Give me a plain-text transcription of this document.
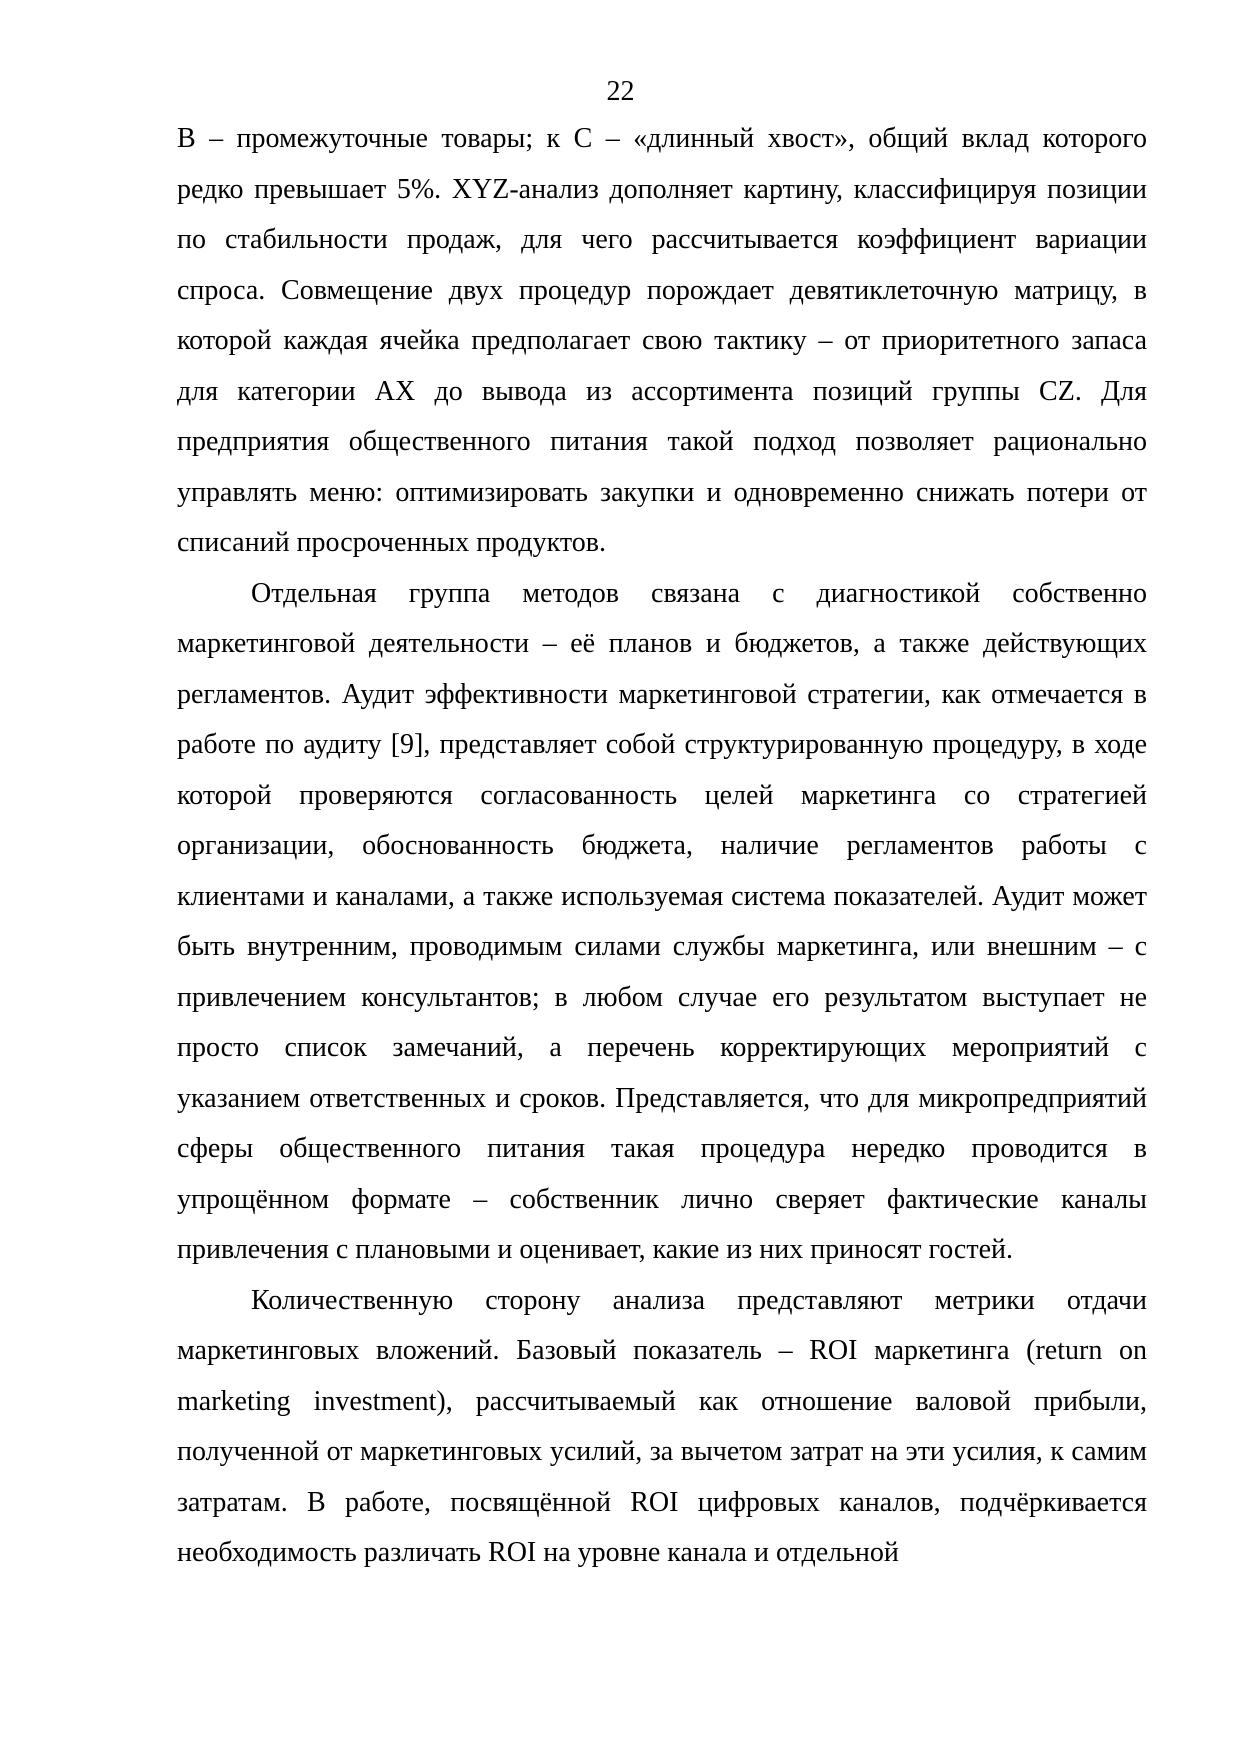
22

В – промежуточные товары; к C – «длинный хвост», общий вклад которого редко превышает 5%. XYZ-анализ дополняет картину, классифицируя позиции по стабильности продаж, для чего рассчитывается коэффициент вариации спроса. Совмещение двух процедур порождает девятиклеточную матрицу, в которой каждая ячейка предполагает свою тактику – от приоритетного запаса для категории AX до вывода из ассортимента позиций группы CZ. Для предприятия общественного питания такой подход позволяет рационально управлять меню: оптимизировать закупки и одновременно снижать потери от списаний просроченных продуктов.

Отдельная группа методов связана с диагностикой собственно маркетинговой деятельности – её планов и бюджетов, а также действующих регламентов. Аудит эффективности маркетинговой стратегии, как отмечается в работе по аудиту [9], представляет собой структурированную процедуру, в ходе которой проверяются согласованность целей маркетинга со стратегией организации, обоснованность бюджета, наличие регламентов работы с клиентами и каналами, а также используемая система показателей. Аудит может быть внутренним, проводимым силами службы маркетинга, или внешним – с привлечением консультантов; в любом случае его результатом выступает не просто список замечаний, а перечень корректирующих мероприятий с указанием ответственных и сроков. Представляется, что для микропредприятий сферы общественного питания такая процедура нередко проводится в упрощённом формате – собственник лично сверяет фактические каналы привлечения с плановыми и оценивает, какие из них приносят гостей.

Количественную сторону анализа представляют метрики отдачи маркетинговых вложений. Базовый показатель – ROI маркетинга (return on marketing investment), рассчитываемый как отношение валовой прибыли, полученной от маркетинговых усилий, за вычетом затрат на эти усилия, к самим затратам. В работе, посвящённой ROI цифровых каналов, подчёркивается необходимость различать ROI на уровне канала и отдельной
